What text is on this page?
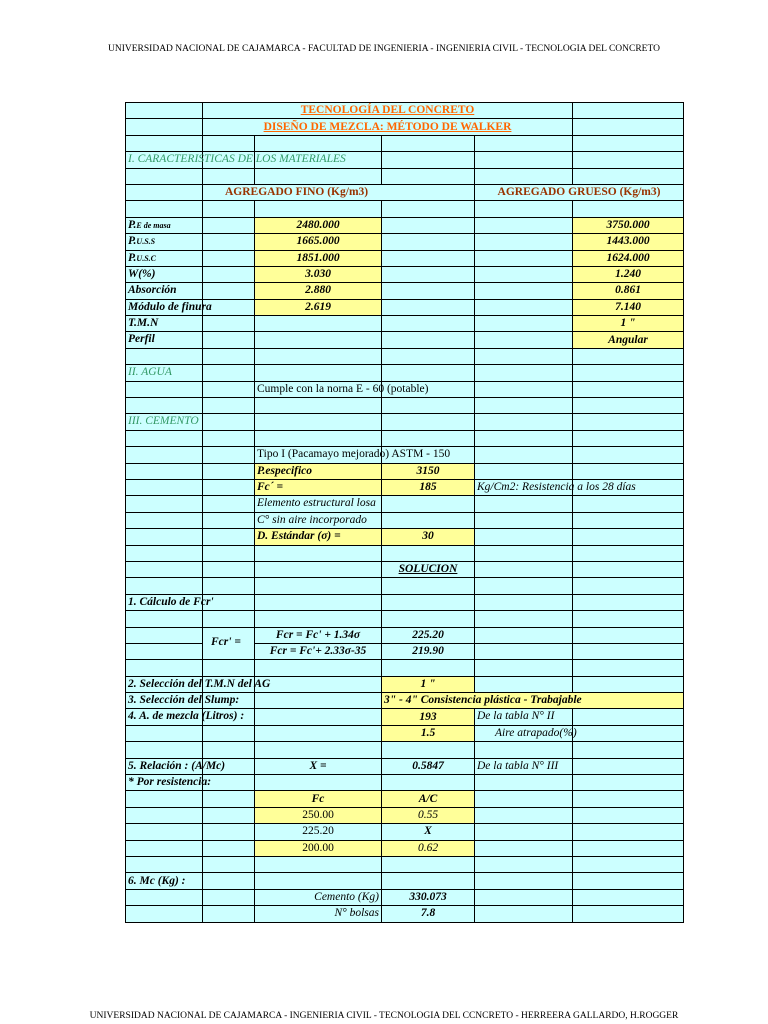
UNIVERSIDAD NACIONAL DE CAJAMARCA - FACULTAD DE INGENIERIA - INGENIERIA CIVIL - TECNOLOGIA DEL CONCRETO
	TECNOLOGÍA DEL CONCRETO				
	DISEÑO DE MEZCLA: MÉTODO DE WALKER				

I. CARACTERISTICAS DE LOS MATERIALES					

	AGREGADO FINO (Kg/m3)			AGREGADO GRUESO (Kg/m3)	

P.E de masa		2480.000			3750.000

P.U.S.S		1665.000			1443.000

P.U.S.C		1851.000			1624.000

W(%)		3.030			1.240

Absorción		2.880			0.861

Módulo de finura		2.619			7.140

T.M.N					1 "

Perfil					Angular

II. AGUA					

		Cumple con la norna E - 60 (potable)			

III. CEMENTO					

		Tipo I (Pacamayo mejorado) ASTM - 150			

		P.especifico	3150		
		Fc´ =	185	Kg/Cm2: Resistencia a los 28 días	

		Elemento estructural losa			

		C° sin aire incorporado			

		D. Estándar (σ) =	30		

			SOLUCION		

1. Cálculo de Fcr'					

	Fcr' =	Fcr = Fc' + 1.34σ	225.20		
		Fcr = Fc'+ 2.33σ-35	219.90		

2. Selección del T.M.N del AG			1 "		

3. Selección del Slump:			3" - 4" Consistencia plástica - Trabajable		

4. A. de mezcla (Litros) :			193	De la tabla N° II	

			1.5	Aire atrapado(%)	

5. Relación : (A/Mc)		X =	0.5847	De la tabla N° III	

* Por resistencia:					

		Fc	A/C		
		250.00	0.55		
		225.20	X		
		200.00	0.62		

6. Mc (Kg) :					
		Cemento (Kg)	330.073		
		N° bolsas	7.8		
UNIVERSIDAD NACIONAL DE CAJAMARCA - INGENIERIA CIVIL - TECNOLOGIA DEL CCNCRETO - HERREERA GALLARDO, H.ROGGER
